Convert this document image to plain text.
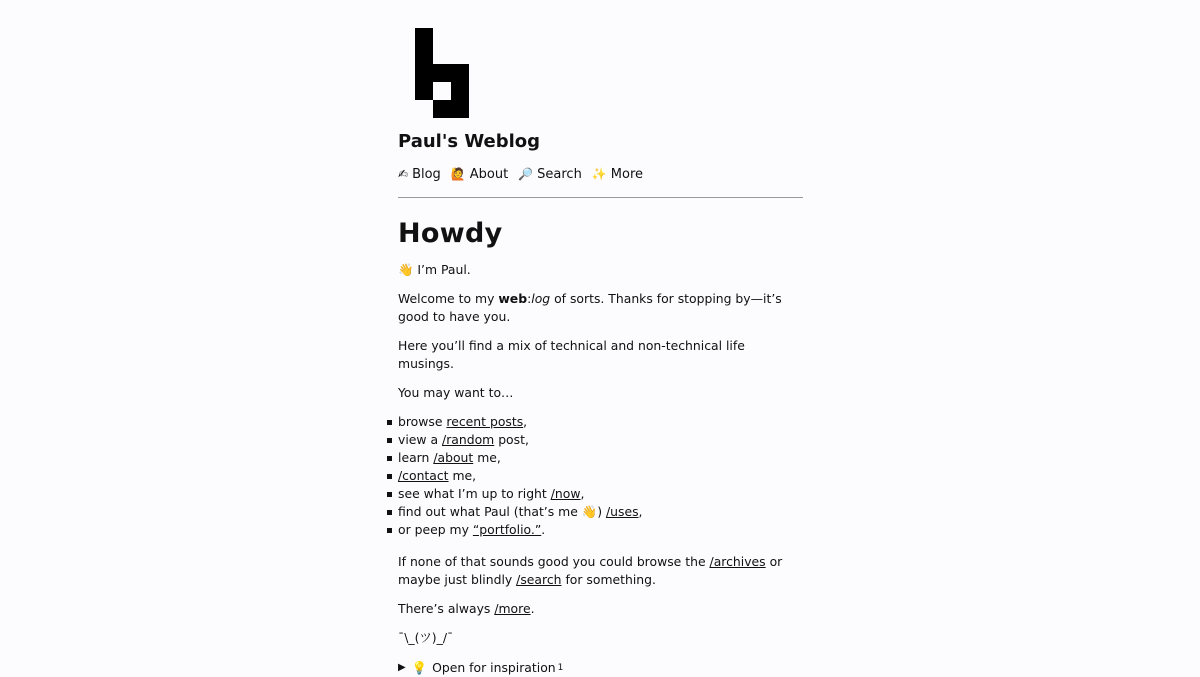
Paul's Weblog
✍ Blog 🙋 About 🔎 Search ✨ More
Howdy

👋 I’m Paul.

Welcome to my web:log of sorts. Thanks for stopping by—it’s good to have you.

Here you’ll find a mix of technical and non-technical life musings.

You may want to…

browse recent posts,
view a /random post,
learn /about me,
/contact me,
see what I’m up to right /now,
find out what Paul (that’s me 👋) /uses,
or peep my “portfolio.”.

If none of that sounds good you could browse the /archives or maybe just blindly /search for something.

There’s always /more.

¯\_(ツ)_/¯

▶ 💡 Open for inspiration 1
